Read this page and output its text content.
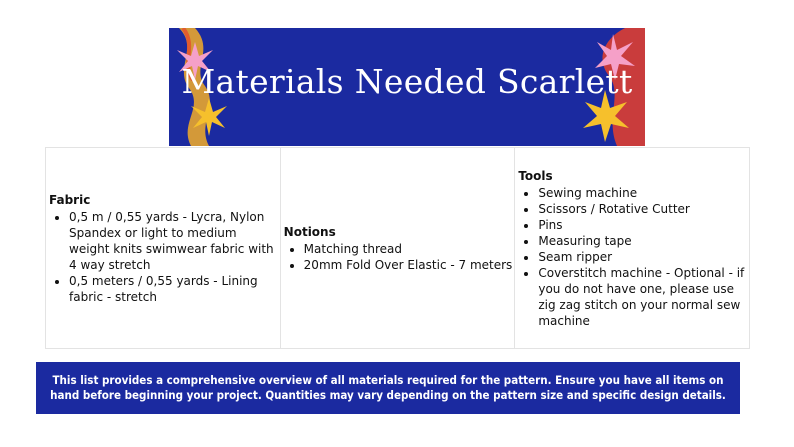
Materials Needed Scarlett
Fabric
• 0,5 m / 0,55 yards - Lycra, Nylon Spandex or light to medium weight knits swimwear fabric with 4 way stretch
• 0,5 meters / 0,55 yards - Lining fabric - stretch
Notions
• Matching thread
• 20mm Fold Over Elastic - 7 meters
Tools
• Sewing machine
• Scissors / Rotative Cutter
• Pins
• Measuring tape
• Seam ripper
• Coverstitch machine - Optional - if you do not have one, please use zig zag stitch on your normal sew machine
This list provides a comprehensive overview of all materials required for the pattern. Ensure you have all items on hand before beginning your project. Quantities may vary depending on the pattern size and specific design details.
